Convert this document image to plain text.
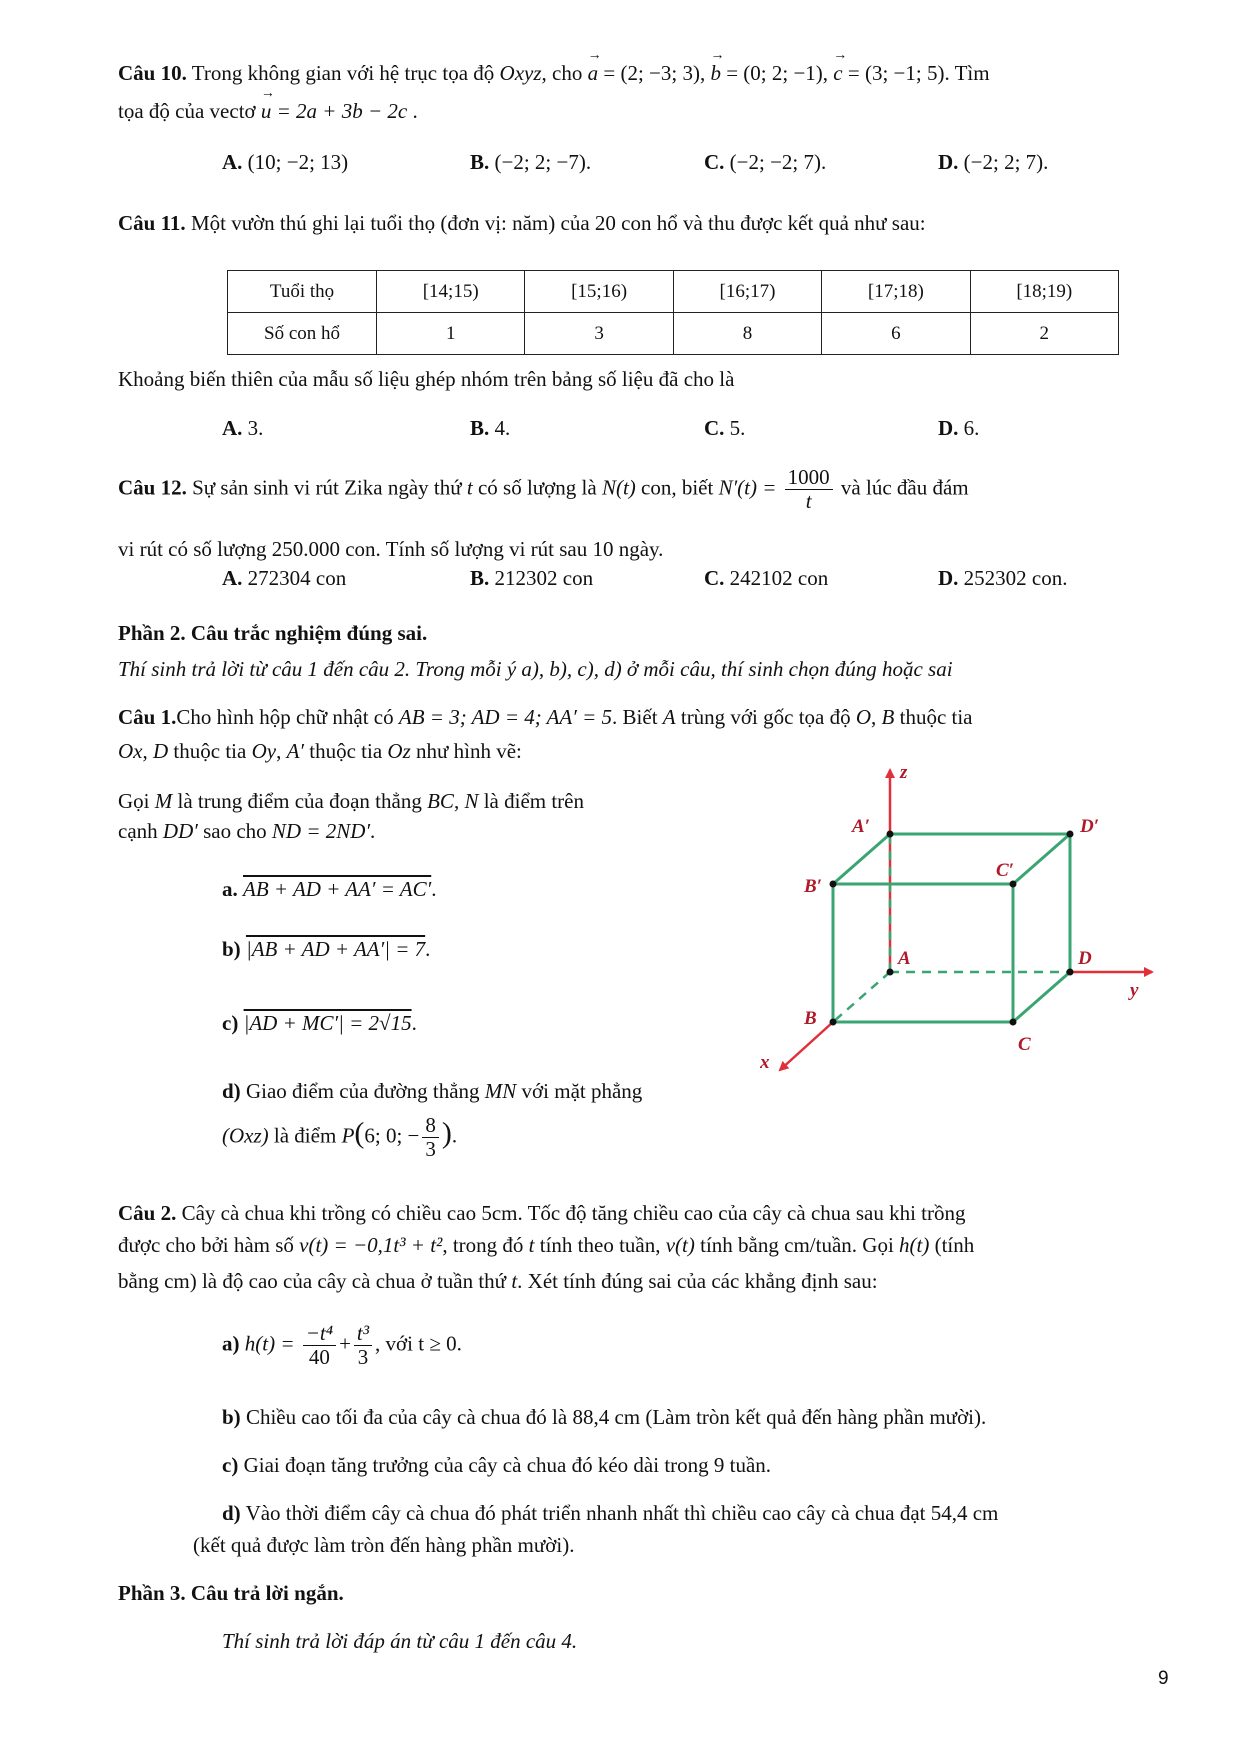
Câu 10. Trong không gian với hệ trục tọa độ Oxyz, cho → a = (2; −3; 3), → b = (0; 2; −1), → c = (3; −1; 5). Tìm
tọa độ của vectơ → u = 2a + 3b − 2c .
A. (10; −2; 13)	B. (−2; 2; −7).	C. (−2; −2; 7).	D. (−2; 2; 7).
Câu 11. Một vườn thú ghi lại tuổi thọ (đơn vị: năm) của 20 con hổ và thu được kết quả như sau:
Tuổi thọ	[14;15)	[15;16)	[16;17)	[17;18)	[18;19)
Số con hổ	1	3	8	6	2
Khoảng biến thiên của mẫu số liệu ghép nhóm trên bảng số liệu đã cho là
A. 3.	B. 4.	C. 5.	D. 6.
Câu 12. Sự sản sinh vi rút Zika ngày thứ t có số lượng là N(t) con, biết $N'(t) = \frac{1000}{t}$ và lúc đầu đám
vi rút có số lượng 250.000 con. Tính số lượng vi rút sau 10 ngày.
A. 272304 con	B. 212302 con	C. 242102 con	D. 252302 con.
Phần 2. Câu trắc nghiệm đúng sai.
Thí sinh trả lời từ câu 1 đến câu 2. Trong mỗi ý a), b), c), d) ở mỗi câu, thí sinh chọn đúng hoặc sai
Câu 1.Cho hình hộp chữ nhật có AB = 3; AD = 4; AA′ = 5. Biết A trùng với gốc tọa độ O, B thuộc tia
Ox, D thuộc tia Oy, A′ thuộc tia Oz như hình vẽ:
Gọi M là trung điểm của đoạn thẳng BC, N là điểm trên
cạnh DD′ sao cho ND = 2ND′.
a. AB + AD + AA′ = AC′.
b) |AB + AD + AA′| = 7.
c) |AD + MC′| = 2√15.
d) Giao điểm của đường thẳng MN với mặt phẳng
(Oxz) là điểm P(6; 0; − $\frac{8}{3}$ ).
z
y
x
A	D
B
C
A′	D′
B′
C′
Câu 2. Cây cà chua khi trồng có chiều cao 5cm. Tốc độ tăng chiều cao của cây cà chua sau khi trồng
được cho bởi hàm số v(t) = −0,1t³ + t², trong đó t tính theo tuần, v(t) tính bằng cm/tuần. Gọi h(t) (tính
bằng cm) là độ cao của cây cà chua ở tuần thứ t. Xét tính đúng sai của các khẳng định sau:
a) $h(t) = \frac{\text{−t⁴}}{40} + \frac{\text{t³}}{3}$ , với t ≥ 0.
b) Chiều cao tối đa của cây cà chua đó là 88,4 cm (Làm tròn kết quả đến hàng phần mười).
c) Giai đoạn tăng trưởng của cây cà chua đó kéo dài trong 9 tuần.
d) Vào thời điểm cây cà chua đó phát triển nhanh nhất thì chiều cao cây cà chua đạt 54,4 cm
(kết quả được làm tròn đến hàng phần mười).
Phần 3. Câu trả lời ngắn.
Thí sinh trả lời đáp án từ câu 1 đến câu 4.
9
